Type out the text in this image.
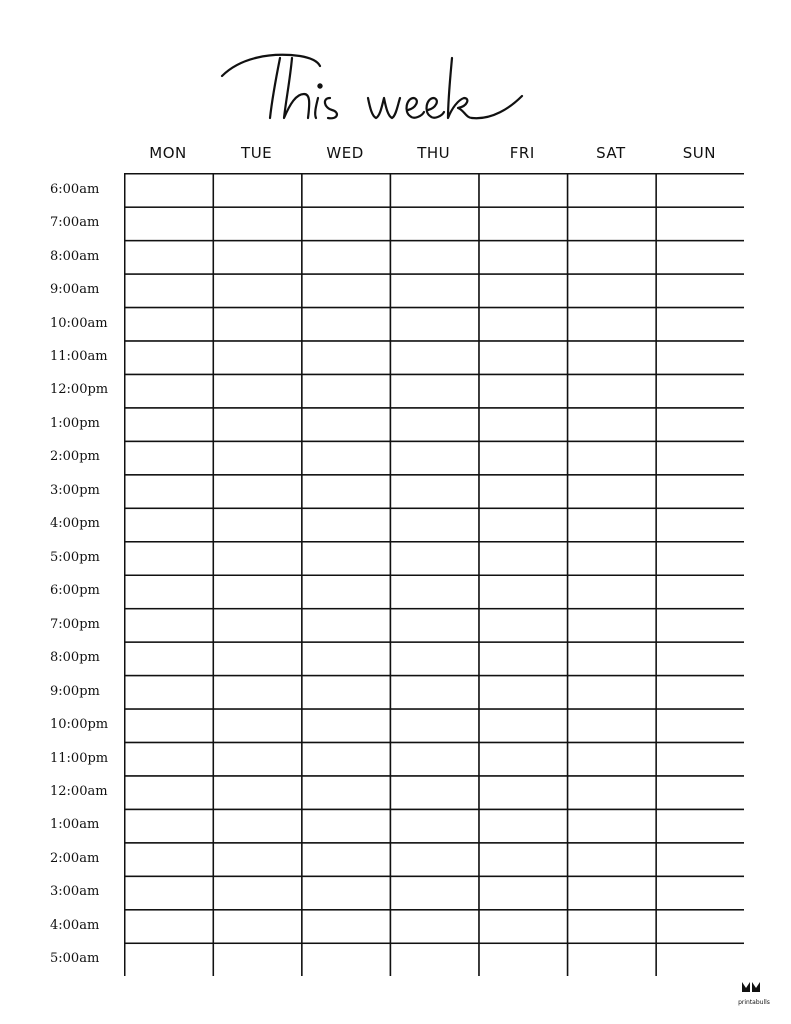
MON	TUE	WED	THU	FRI	SAT	SUN
6:00am
7:00am
8:00am
9:00am
10:00am
11:00am
12:00pm
1:00pm
2:00pm
3:00pm
4:00pm
5:00pm
6:00pm
7:00pm
8:00pm
9:00pm
10:00pm
11:00pm
12:00am
1:00am
2:00am
3:00am
4:00am
5:00am
printabulls
